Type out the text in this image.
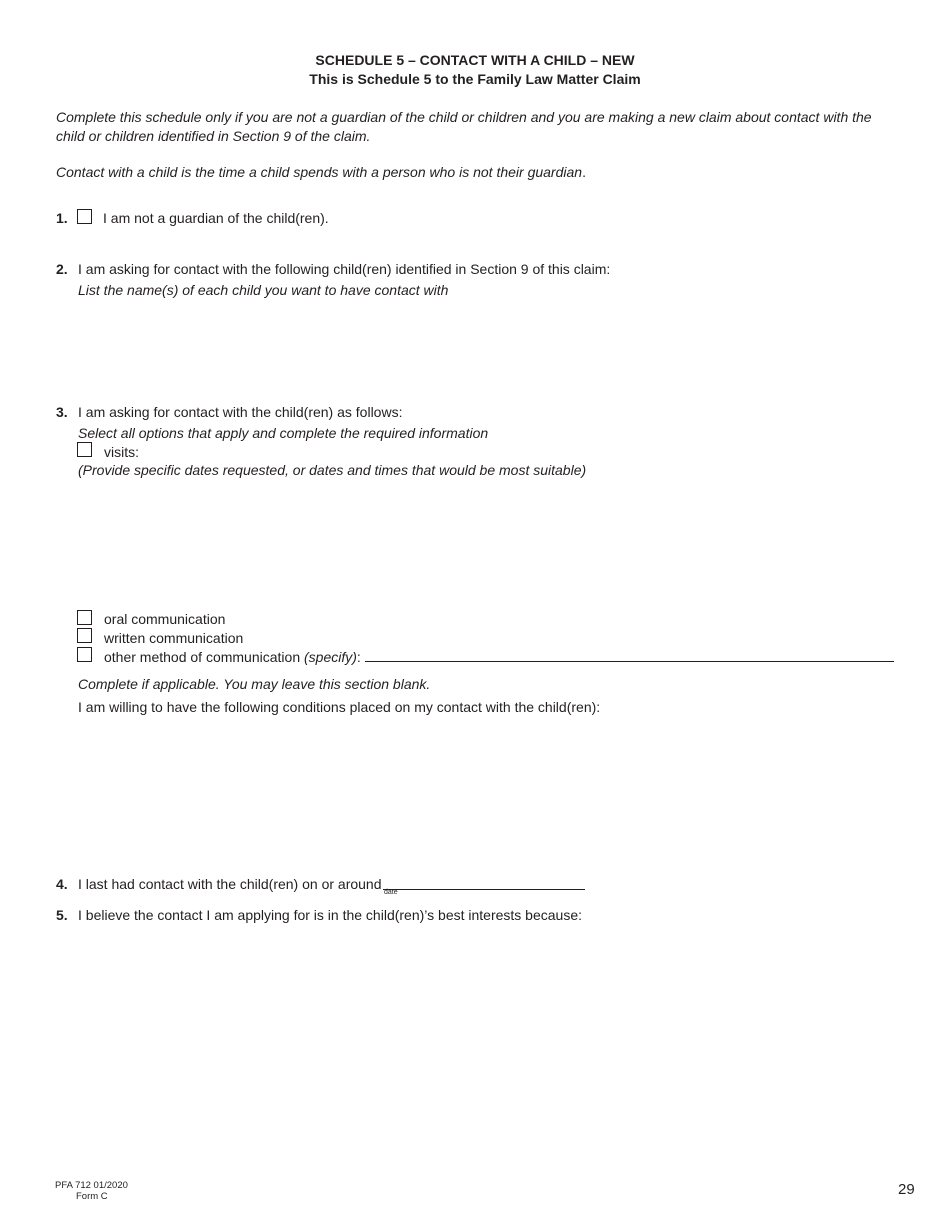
SCHEDULE 5 – CONTACT WITH A CHILD – NEW
This is Schedule 5 to the Family Law Matter Claim
Complete this schedule only if you are not a guardian of the child or children and you are making a new claim about contact with the child or children identified in Section 9 of the claim.
Contact with a child is the time a child spends with a person who is not their guardian.
1.	I am not a guardian of the child(ren).
2. I am asking for contact with the following child(ren) identified in Section 9 of this claim:
List the name(s) of each child you want to have contact with
3. I am asking for contact with the child(ren) as follows:
Select all options that apply and complete the required information
visits:
(Provide specific dates requested, or dates and times that would be most suitable)
oral communication
written communication
other method of communication (specify):
Complete if applicable. You may leave this section blank.
I am willing to have the following conditions placed on my contact with the child(ren):
4. I last had contact with the child(ren) on or around
date
5. I believe the contact I am applying for is in the child(ren)’s best interests because:
PFA 712 01/2020
Form C	29
